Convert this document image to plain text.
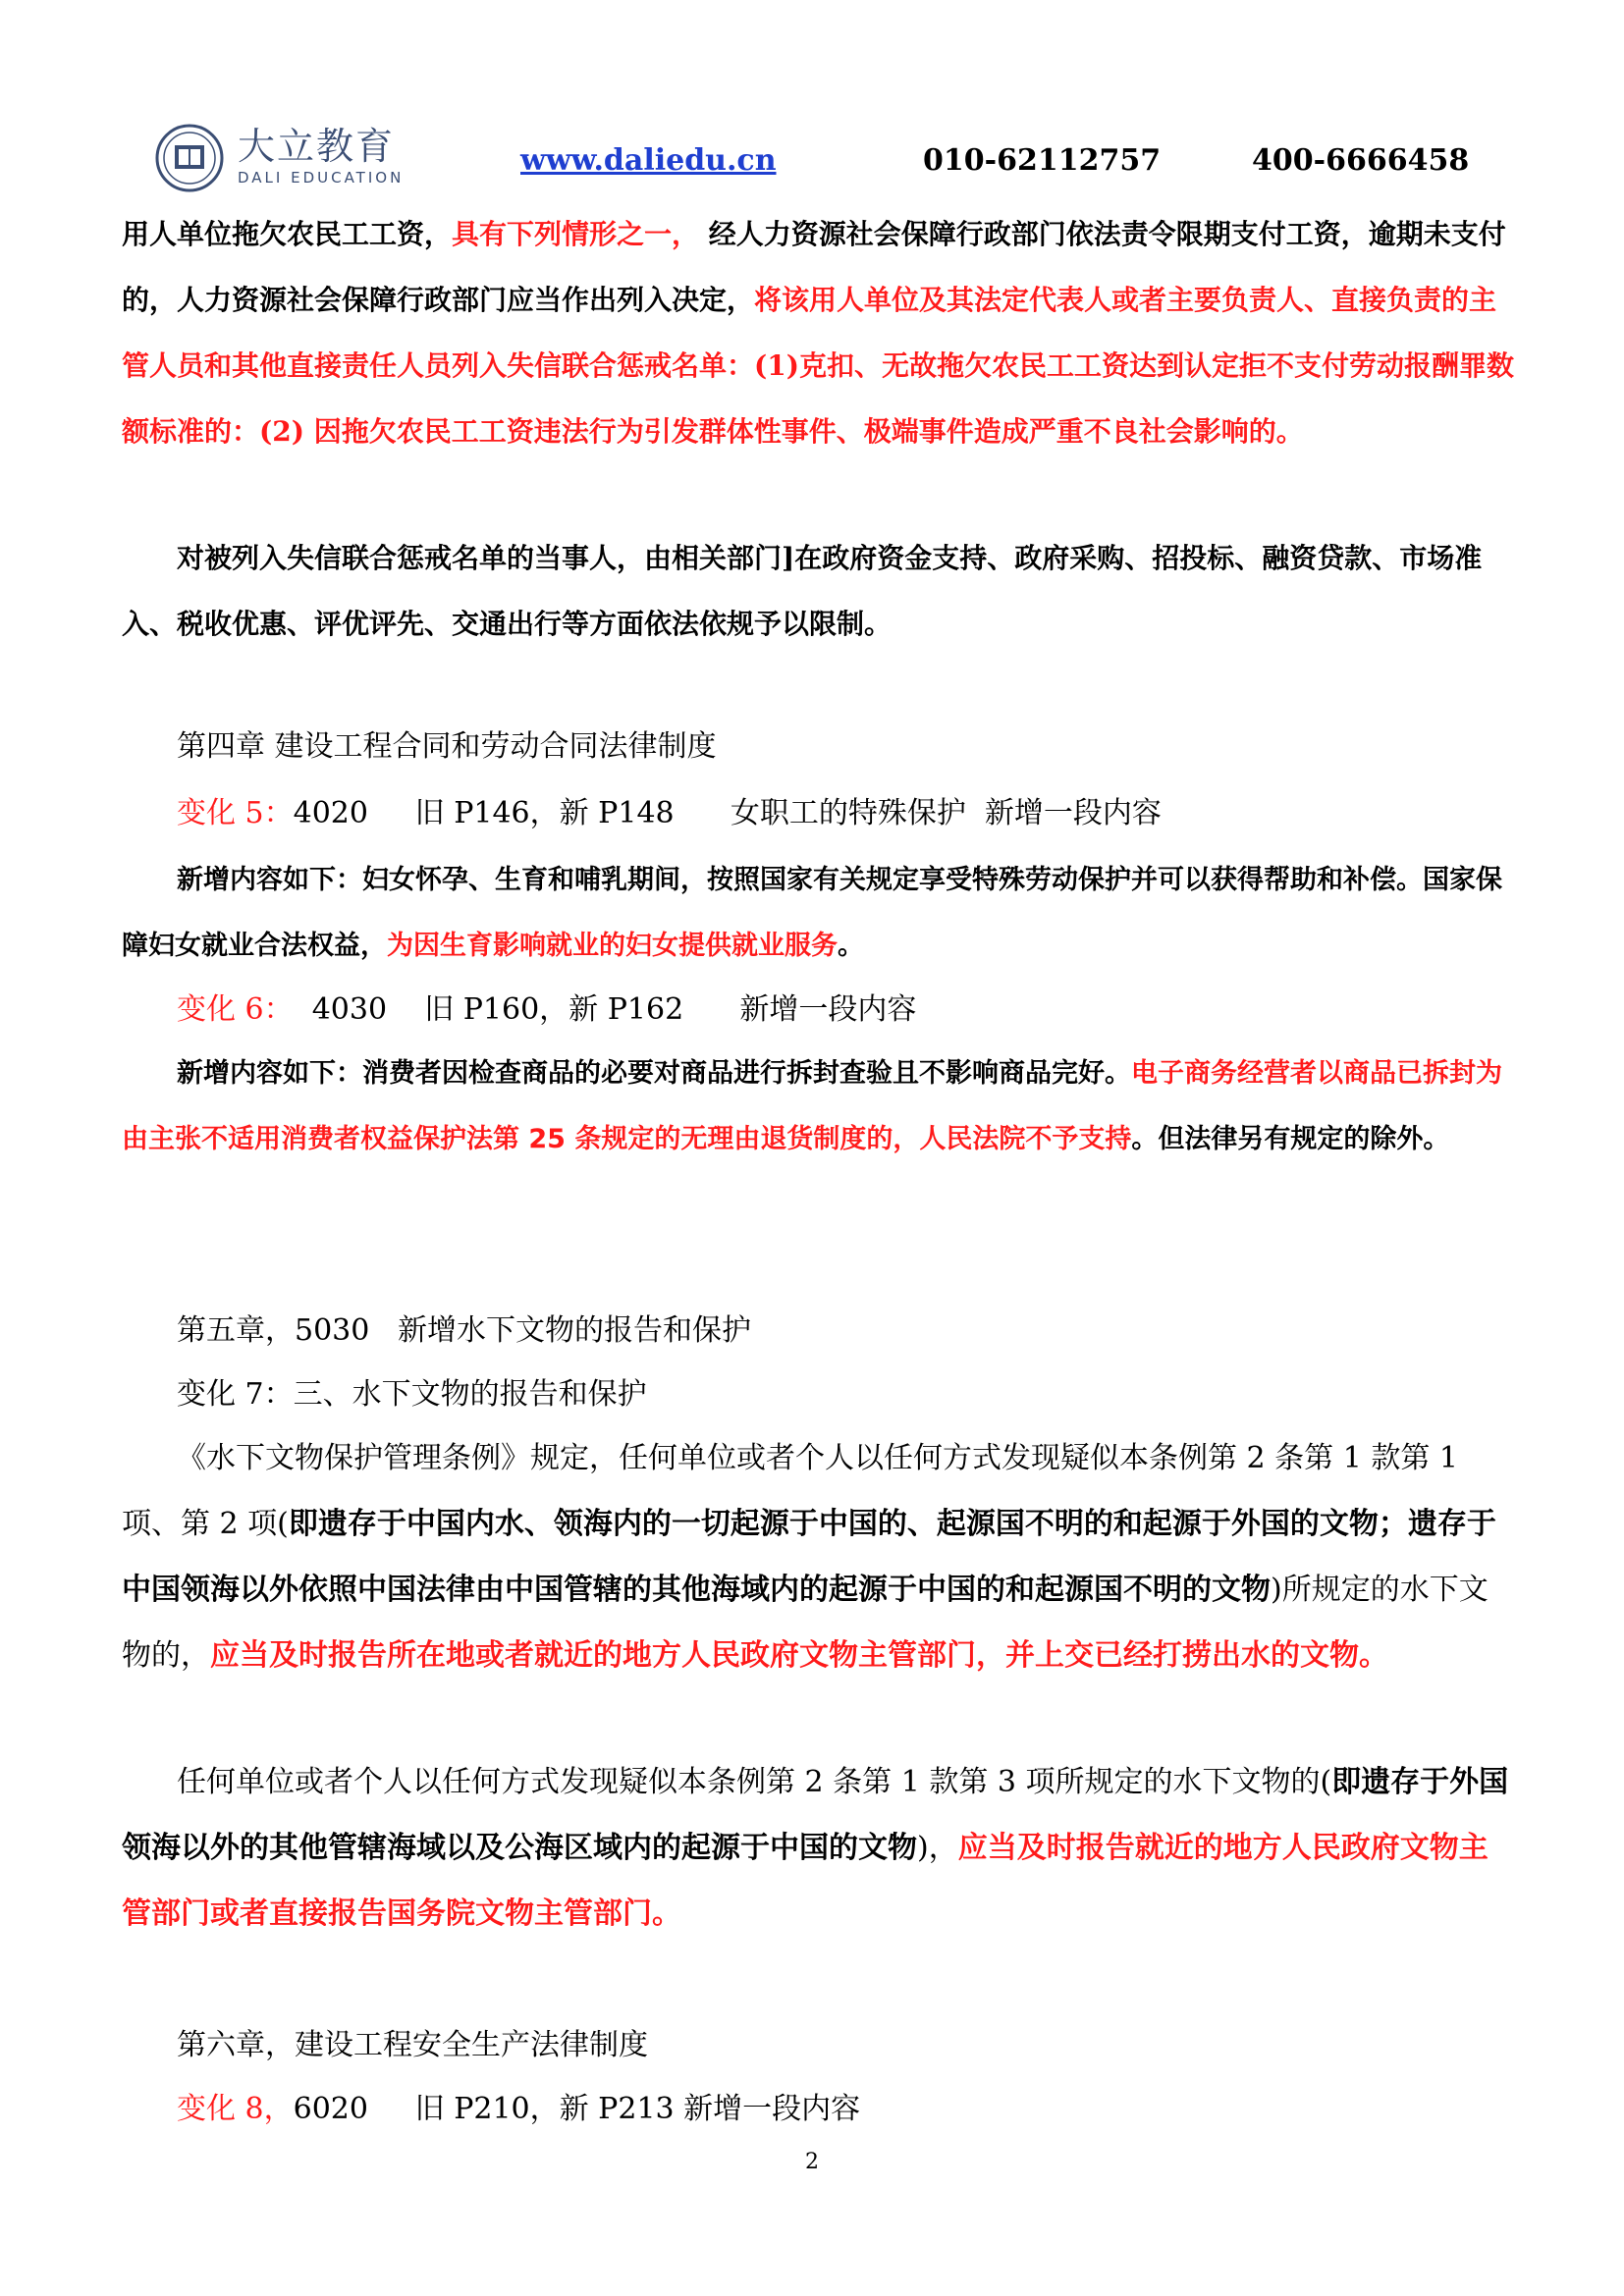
大立教育
DALI EDUCATION	www.daliedu.cn	010-62112757	400-6666458
用人单位拖欠农民工工资，具有下列情形之一， 经人力资源社会保障行政部门依法责令限期支付工资，逾期未支付的，人力资源社会保障行政部门应当作出列入决定，将该用人单位及其法定代表人或者主要负责人、直接负责的主管人员和其他直接责任人员列入失信联合惩戒名单：(1)克扣、无故拖欠农民工工资达到认定拒不支付劳动报酬罪数额标准的：(2) 因拖欠农民工工资违法行为引发群体性事件、极端事件造成严重不良社会影响的。
对被列入失信联合惩戒名单的当事人，由相关部门]在政府资金支持、政府采购、招投标、融资贷款、市场准入、税收优惠、评优评先、交通出行等方面依法依规予以限制。
第四章 建设工程合同和劳动合同法律制度
变化 5：4020     旧 P146，新 P148      女职工的特殊保护  新增一段内容
新增内容如下：妇女怀孕、生育和哺乳期间，按照国家有关规定享受特殊劳动保护并可以获得帮助和补偿。国家保障妇女就业合法权益，为因生育影响就业的妇女提供就业服务。
变化 6：  4030    旧 P160，新 P162      新增一段内容
新增内容如下：消费者因检查商品的必要对商品进行拆封查验且不影响商品完好。电子商务经营者以商品已拆封为由主张不适用消费者权益保护法第 25 条规定的无理由退货制度的，人民法院不予支持。但法律另有规定的除外。
第五章，5030   新增水下文物的报告和保护
变化 7：三、水下文物的报告和保护
《水下文物保护管理条例》规定，任何单位或者个人以任何方式发现疑似本条例第 2 条第 1 款第 1 项、第 2 项(即遗存于中国内水、领海内的一切起源于中国的、起源国不明的和起源于外国的文物；遗存于中国领海以外依照中国法律由中国管辖的其他海域内的起源于中国的和起源国不明的文物)所规定的水下文物的，应当及时报告所在地或者就近的地方人民政府文物主管部门，并上交已经打捞出水的文物。
任何单位或者个人以任何方式发现疑似本条例第 2 条第 1 款第 3 项所规定的水下文物的(即遗存于外国领海以外的其他管辖海域以及公海区域内的起源于中国的文物)，应当及时报告就近的地方人民政府文物主管部门或者直接报告国务院文物主管部门。
第六章，建设工程安全生产法律制度
变化 8，6020     旧 P210，新 P213 新增一段内容
2
